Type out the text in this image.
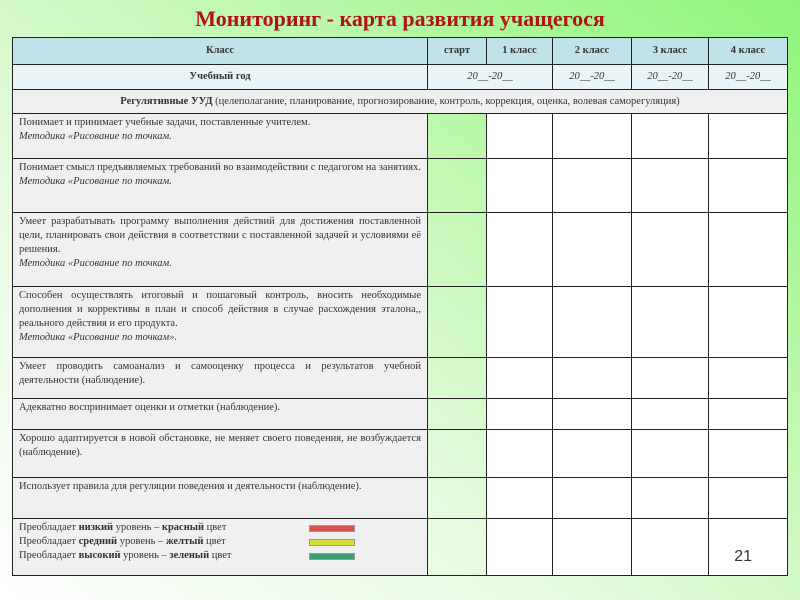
Мониторинг - карта развития учащегося
Класс	старт	1 класс	2 класс	3 класс	4 класс
Учебный год	20__-20__		20__-20__	20__-20__	20__-20__
Регулятивные УУД (целеполагание, планирование, прогнозирование, контроль, коррекция, оценка, волевая саморегуляция)					

Понимает и принимает учебные задачи, поставленные учителем.
Методика «Рисование по точкам.					

Понимает смысл предъявляемых требований во взаимодействии с педагогом на занятиях.
Методика «Рисование по точкам.					

Умеет разрабатывать программу выполнения действий для достижения поставленной цели, планировать свои действия в соответствии с поставленной задачей и условиями её решения.
Методика «Рисование по точкам.					

Способен осуществлять итоговый и пошаговый контроль, вносить необходимые дополнения и коррективы в план и способ действия в случае расхождения эталона,, реального действия и его продукта.
Методика «Рисование по точкам».					

Умеет проводить самоанализ и самооценку процесса и результатов учебной деятельности (наблюдение).					

Адекватно воспринимает оценки и отметки (наблюдение).					

Хорошо адаптируется в новой обстановке, не меняет своего поведения, не возбуждается (наблюдение).					

Использует правила для регуляции поведения и деятельности (наблюдение).					

Преобладает низкий уровень – красный цвет
Преобладает средний уровень – желтый цвет
Преобладает высокий уровень – зеленый цвет					
						21
